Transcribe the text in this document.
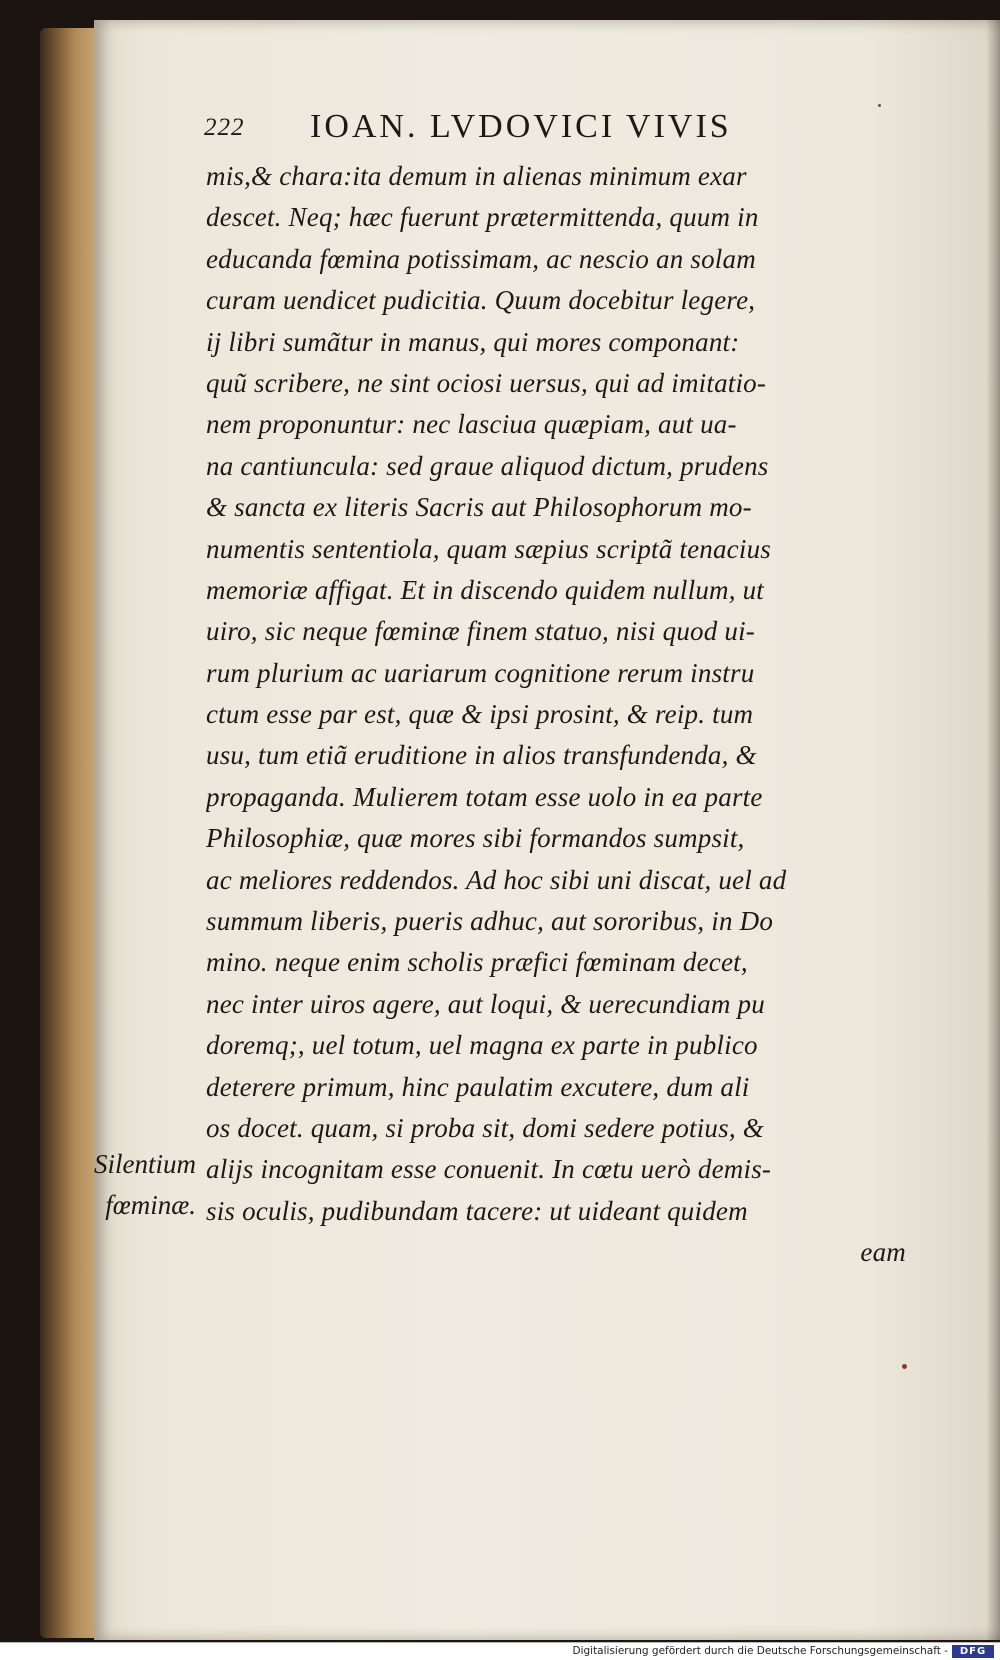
222 IOAN. LVDOVICI VIVIS
mis,& chara:ita demum in alienas minimum exar
descet. Neq; hæc fuerunt prætermittenda, quum in
educanda fœmina potissimam, ac nescio an solam
curam uendicet pudicitia. Quum docebitur legere,
ij libri sumãtur in manus, qui mores componant:
quũ scribere, ne sint ociosi uersus, qui ad imitatio-
nem proponuntur: nec lasciua quæpiam, aut ua-
na cantiuncula: sed graue aliquod dictum, prudens
& sancta ex literis Sacris aut Philosophorum mo-
numentis sententiola, quam sæpius scriptã tenacius
memoriæ affigat. Et in discendo quidem nullum, ut
uiro, sic neque fœminæ finem statuo, nisi quod ui-
rum plurium ac uariarum cognitione rerum instru
ctum esse par est, quæ & ipsi prosint, & reip. tum
usu, tum etiã eruditione in alios transfundenda, &
propaganda. Mulierem totam esse uolo in ea parte
Philosophiæ, quæ mores sibi formandos sumpsit,
ac meliores reddendos. Ad hoc sibi uni discat, uel ad
summum liberis, pueris adhuc, aut sororibus, in Do
mino. neque enim scholis præfici fœminam decet,
nec inter uiros agere, aut loqui, & uerecundiam pu
doremq;, uel totum, uel magna ex parte in publico
deterere primum, hinc paulatim excutere, dum ali
os docet. quam, si proba sit, domi sedere potius, &
alijs incognitam esse conuenit. In cœtu uerò demis-
sis oculis, pudibundam tacere: ut uideant quidem
eam
Silentium
fœminæ.
Digitalisierung gefördert durch die Deutsche Forschungsgemeinschaft -	DFG
